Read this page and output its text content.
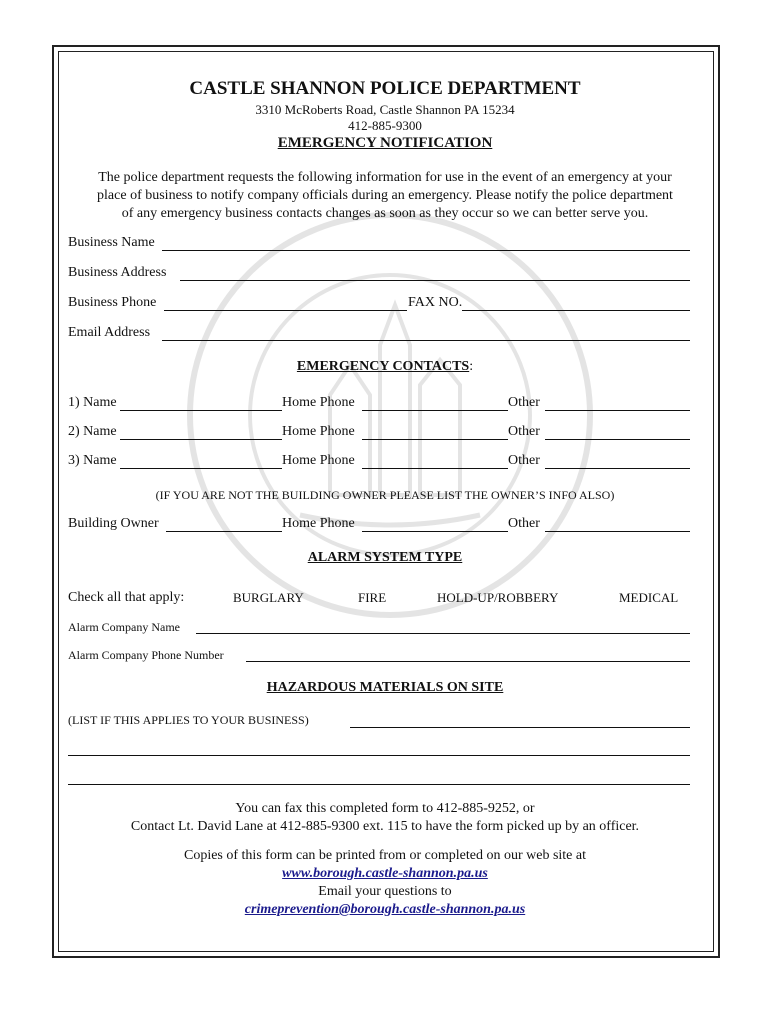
CASTLE SHANNON POLICE DEPARTMENT
3310 McRoberts Road, Castle Shannon PA 15234
412-885-9300
EMERGENCY NOTIFICATION
The police department requests the following information for use in the event of an emergency at your
place of business to notify company officials during an emergency. Please notify the police department
of any emergency business contacts changes as soon as they occur so we can better serve you.
Business Name
Business Address
Business Phone	FAX NO.
Email Address
EMERGENCY CONTACTS:
1) Name	Home Phone	Other
2) Name	Home Phone	Other
3) Name	Home Phone	Other
(IF YOU ARE NOT THE BUILDING OWNER PLEASE LIST THE OWNER’S INFO ALSO)
Building Owner	Home Phone	Other
ALARM SYSTEM TYPE
Check all that apply:	BURGLARY	FIRE	HOLD-UP/ROBBERY	MEDICAL
Alarm Company Name
Alarm Company Phone Number
HAZARDOUS MATERIALS ON SITE
(LIST IF THIS APPLIES TO YOUR BUSINESS)
You can fax this completed form to 412-885-9252, or
Contact Lt. David Lane at 412-885-9300 ext. 115 to have the form picked up by an officer.
Copies of this form can be printed from or completed on our web site at
www.borough.castle-shannon.pa.us
Email your questions to
crimeprevention@borough.castle-shannon.pa.us
